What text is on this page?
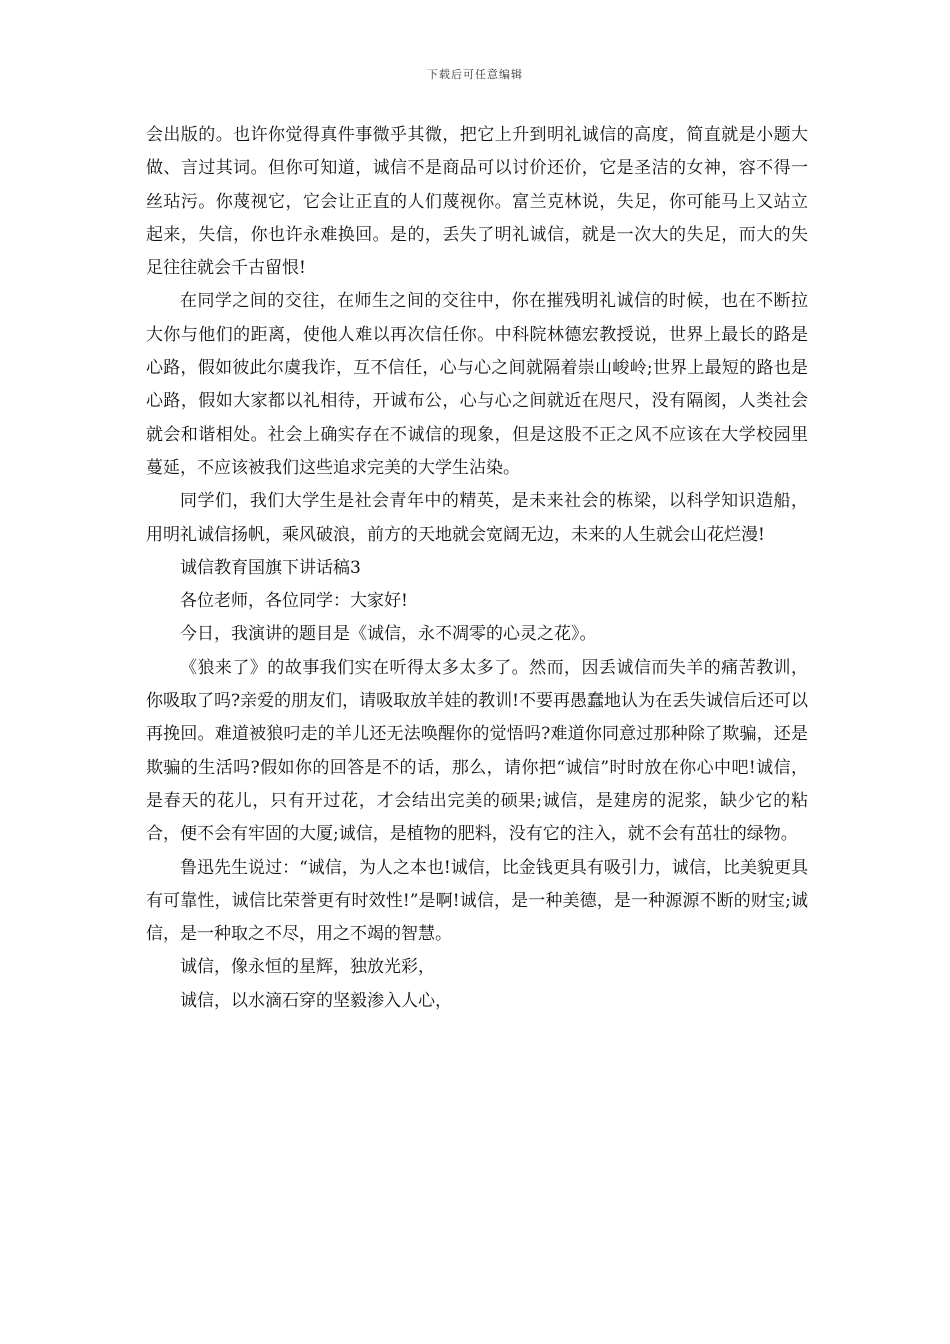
下载后可任意编辑

会出版的。也许你觉得真件事微乎其微，把它上升到明礼诚信的高度，简直就是小题大做、言过其词。但你可知道，诚信不是商品可以讨价还价，它是圣洁的女神，容不得一丝玷污。你蔑视它，它会让正直的人们蔑视你。富兰克林说，失足，你可能马上又站立起来，失信，你也许永难换回。是的，丢失了明礼诚信，就是一次大的失足，而大的失足往往就会千古留恨!

在同学之间的交往，在师生之间的交往中，你在摧残明礼诚信的时候，也在不断拉大你与他们的距离，使他人难以再次信任你。中科院林德宏教授说，世界上最长的路是心路，假如彼此尔虞我诈，互不信任，心与心之间就隔着崇山峻岭;世界上最短的路也是心路，假如大家都以礼相待，开诚布公，心与心之间就近在咫尺，没有隔阂，人类社会就会和谐相处。社会上确实存在不诚信的现象，但是这股不正之风不应该在大学校园里蔓延，不应该被我们这些追求完美的大学生沾染。

同学们，我们大学生是社会青年中的精英，是未来社会的栋梁，以科学知识造船，用明礼诚信扬帆，乘风破浪，前方的天地就会宽阔无边，未来的人生就会山花烂漫!

诚信教育国旗下讲话稿3

各位老师，各位同学：大家好!

今日，我演讲的题目是《诚信，永不凋零的心灵之花》。

《狼来了》的故事我们实在听得太多太多了。然而，因丢诚信而失羊的痛苦教训，你吸取了吗?亲爱的朋友们，请吸取放羊娃的教训!不要再愚蠢地认为在丢失诚信后还可以再挽回。难道被狼叼走的羊儿还无法唤醒你的觉悟吗?难道你同意过那种除了欺骗，还是欺骗的生活吗?假如你的回答是不的话，那么，请你把“诚信”时时放在你心中吧!诚信，是春天的花儿，只有开过花，才会结出完美的硕果;诚信，是建房的泥浆，缺少它的粘合，便不会有牢固的大厦;诚信，是植物的肥料，没有它的注入，就不会有茁壮的绿物。

鲁迅先生说过：“诚信，为人之本也!诚信，比金钱更具有吸引力，诚信，比美貌更具有可靠性，诚信比荣誉更有时效性!”是啊!诚信，是一种美德，是一种源源不断的财宝;诚信，是一种取之不尽，用之不竭的智慧。

诚信，像永恒的星辉，独放光彩，

诚信，以水滴石穿的坚毅渗入人心，
